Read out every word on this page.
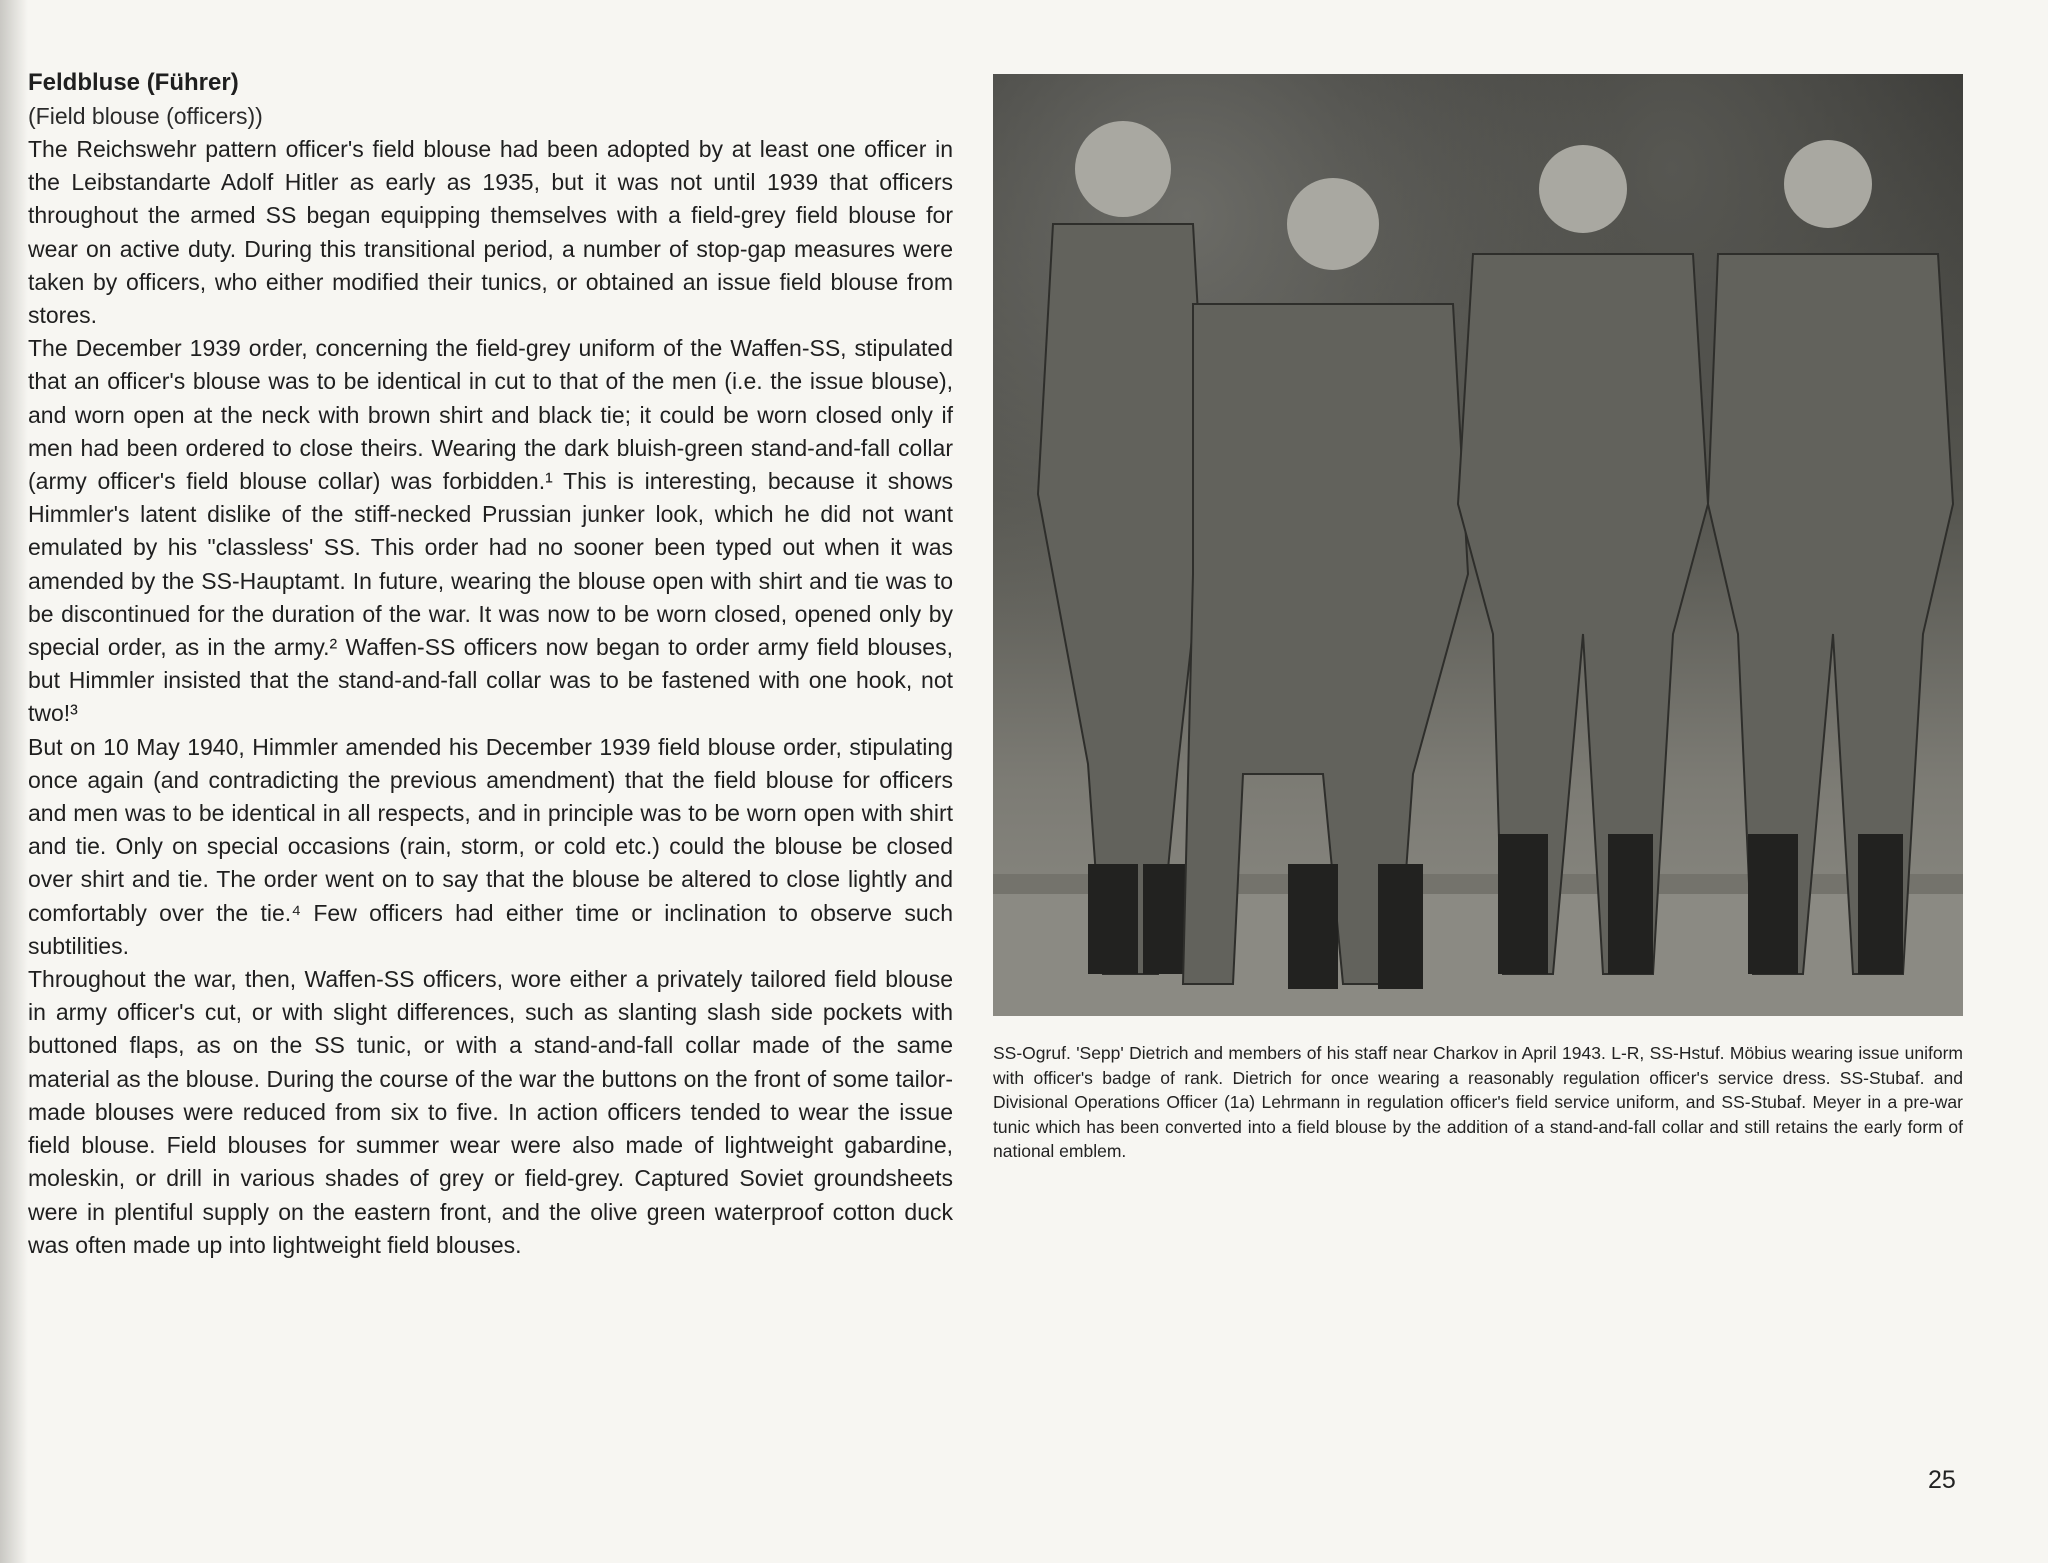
Feldbluse (Führer)

(Field blouse (officers))

The Reichswehr pattern officer's field blouse had been adopted by at least one officer in the Leibstandarte Adolf Hitler as early as 1935, but it was not until 1939 that officers throughout the armed SS began equipping themselves with a field-grey field blouse for wear on active duty. During this transitional period, a number of stop-gap measures were taken by officers, who either modified their tunics, or obtained an issue field blouse from stores.

The December 1939 order, concerning the field-grey uniform of the Waffen-SS, stipulated that an officer's blouse was to be identical in cut to that of the men (i.e. the issue blouse), and worn open at the neck with brown shirt and black tie; it could be worn closed only if men had been ordered to close theirs. Wearing the dark bluish-green stand-and-fall collar (army officer's field blouse collar) was forbidden.¹ This is interesting, because it shows Himmler's latent dislike of the stiff-necked Prussian junker look, which he did not want emulated by his "classless' SS. This order had no sooner been typed out when it was amended by the SS-Hauptamt. In future, wearing the blouse open with shirt and tie was to be discontinued for the duration of the war. It was now to be worn closed, opened only by special order, as in the army.² Waffen-SS officers now began to order army field blouses, but Himmler insisted that the stand-and-fall collar was to be fastened with one hook, not two!³

But on 10 May 1940, Himmler amended his December 1939 field blouse order, stipulating once again (and contradicting the previous amendment) that the field blouse for officers and men was to be identical in all respects, and in principle was to be worn open with shirt and tie. Only on special occasions (rain, storm, or cold etc.) could the blouse be closed over shirt and tie. The order went on to say that the blouse be altered to close lightly and comfortably over the tie.⁴ Few officers had either time or inclination to observe such subtilities.

Throughout the war, then, Waffen-SS officers, wore either a privately tailored field blouse in army officer's cut, or with slight differences, such as slanting slash side pockets with buttoned flaps, as on the SS tunic, or with a stand-and-fall collar made of the same material as the blouse. During the course of the war the buttons on the front of some tailor-made blouses were reduced from six to five. In action officers tended to wear the issue field blouse. Field blouses for summer wear were also made of lightweight gabardine, moleskin, or drill in various shades of grey or field-grey. Captured Soviet groundsheets were in plentiful supply on the eastern front, and the olive green waterproof cotton duck was often made up into lightweight field blouses.

SS-Ogruf. 'Sepp' Dietrich and members of his staff near Charkov in April 1943. L-R, SS-Hstuf. Möbius wearing issue uniform with officer's badge of rank. Dietrich for once wearing a reasonably regulation officer's service dress. SS-Stubaf. and Divisional Operations Officer (1a) Lehrmann in regulation officer's field service uniform, and SS-Stubaf. Meyer in a pre-war tunic which has been converted into a field blouse by the addition of a stand-and-fall collar and still retains the early form of national emblem.
25
